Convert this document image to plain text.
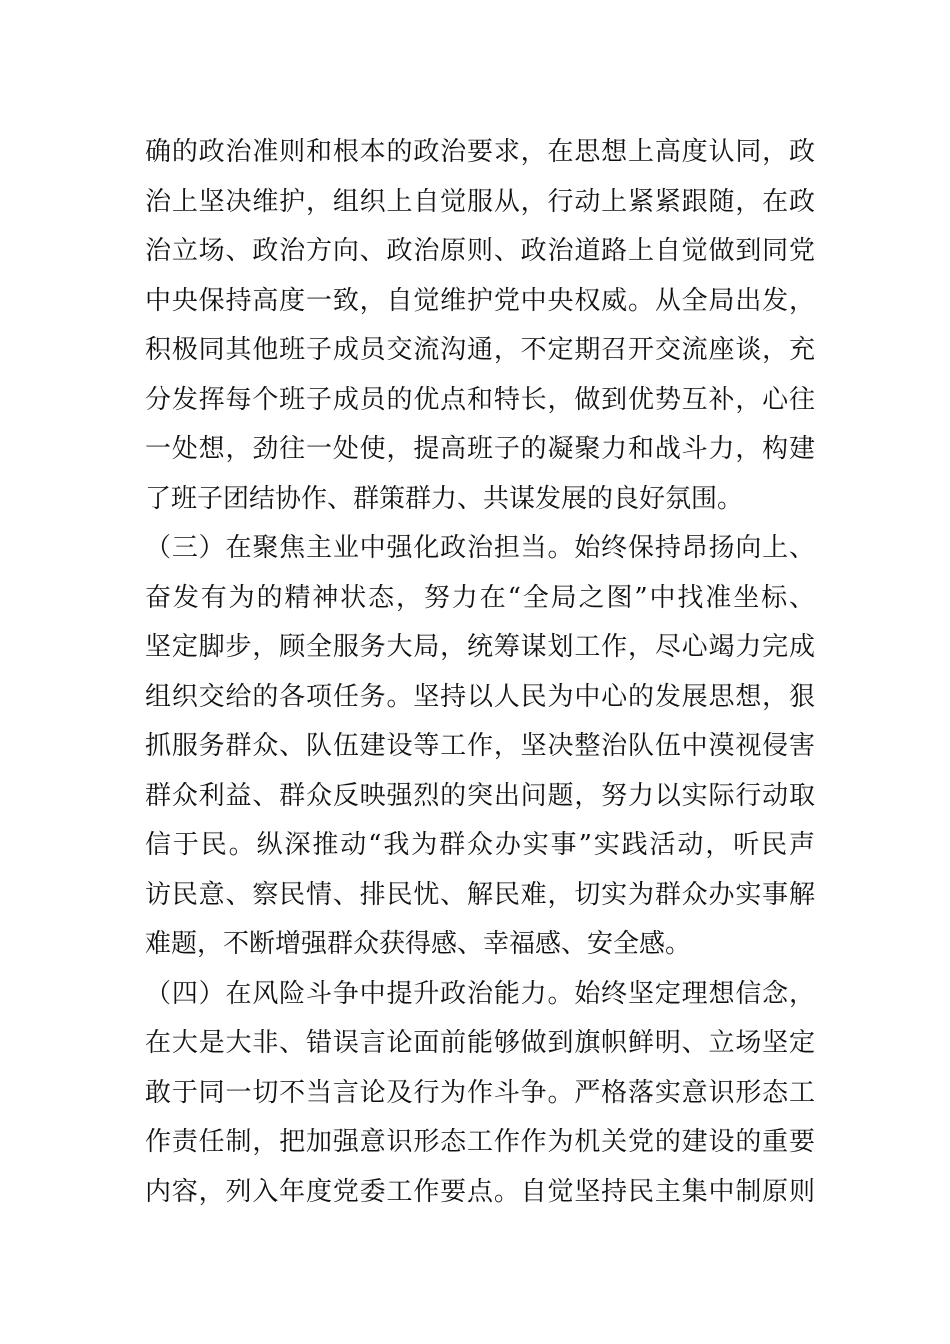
确的政治准则和根本的政治要求，在思想上高度认同，政
治上坚决维护，组织上自觉服从，行动上紧紧跟随，在政
治立场、政治方向、政治原则、政治道路上自觉做到同党
中央保持高度一致，自觉维护党中央权威。从全局出发，
积极同其他班子成员交流沟通，不定期召开交流座谈，充
分发挥每个班子成员的优点和特长，做到优势互补，心往
一处想，劲往一处使，提高班子的凝聚力和战斗力，构建
了班子团结协作、群策群力、共谋发展的良好氛围。
（三）在聚焦主业中强化政治担当。始终保持昂扬向上、
奋发有为的精神状态，努力在“全局之图”中找准坐标、
坚定脚步，顾全服务大局，统筹谋划工作，尽心竭力完成
组织交给的各项任务。坚持以人民为中心的发展思想，狠
抓服务群众、队伍建设等工作，坚决整治队伍中漠视侵害
群众利益、群众反映强烈的突出问题，努力以实际行动取
信于民。纵深推动“我为群众办实事”实践活动，听民声
访民意、察民情、排民忧、解民难，切实为群众办实事解
难题，不断增强群众获得感、幸福感、安全感。
（四）在风险斗争中提升政治能力。始终坚定理想信念，
在大是大非、错误言论面前能够做到旗帜鲜明、立场坚定
敢于同一切不当言论及行为作斗争。严格落实意识形态工
作责任制，把加强意识形态工作作为机关党的建设的重要
内容，列入年度党委工作要点。自觉坚持民主集中制原则
